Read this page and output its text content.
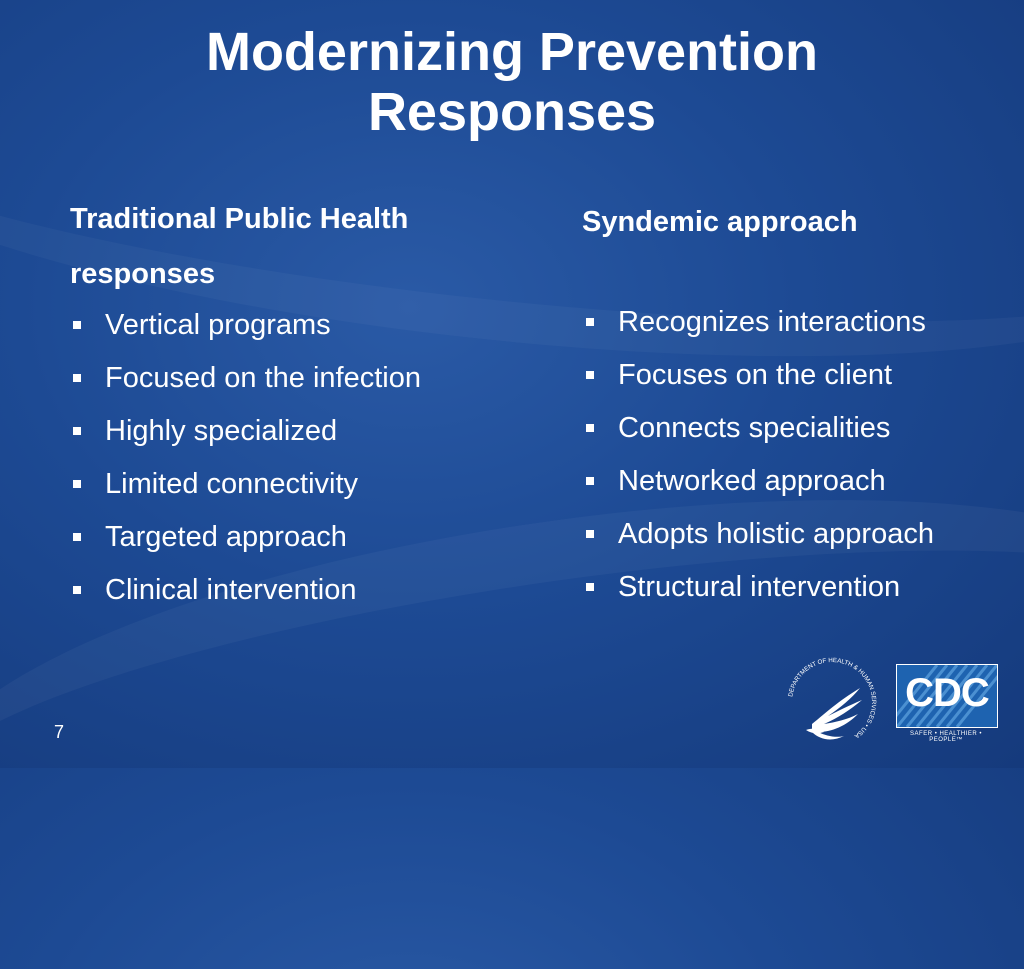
Modernizing Prevention
Responses
Traditional Public Health
responses
Syndemic approach
Vertical programs
Focused on the infection
Highly specialized
Limited connectivity
Targeted approach
Clinical intervention
Recognizes interactions
Focuses on the client
Connects specialities
Networked approach
Adopts holistic approach
Structural intervention
7
DEPARTMENT OF HEALTH & HUMAN SERVICES • USA
CDC
SAFER • HEALTHIER • PEOPLE™
